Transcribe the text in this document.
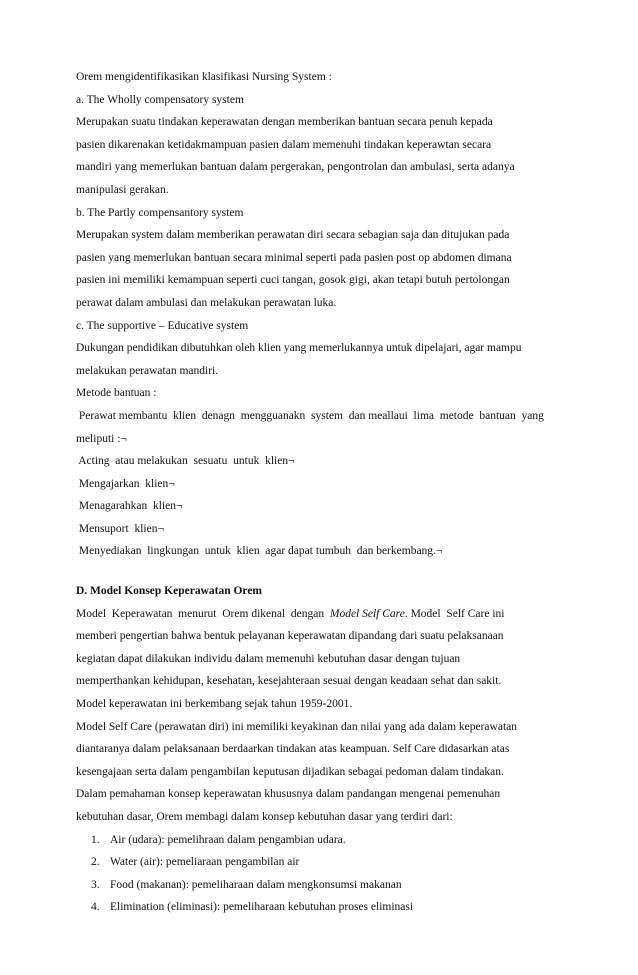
Orem mengidentifikasikan klasifikasi Nursing System :
a. The Wholly compensatory system
Merupakan suatu tindakan keperawatan dengan memberikan bantuan secara penuh kepada
pasien dikarenakan ketidakmampuan pasien dalam memenuhi tindakan keperawtan secara
mandiri yang memerlukan bantuan dalam pergerakan, pengontrolan dan ambulasi, serta adanya
manipulasi gerakan.
b. The Partly compensantory system
Merupakan system dalam memberikan perawatan diri secara sebagian saja dan ditujukan pada
pasien yang memerlukan bantuan secara minimal seperti pada pasien post op abdomen dimana
pasien ini memiliki kemampuan seperti cuci tangan, gosok gigi, akan tetapi butuh pertolongan
perawat dalam ambulasi dan melakukan perawatan luka.
c. The supportive – Educative system
Dukungan pendidikan dibutuhkan oleh klien yang memerlukannya untuk dipelajari, agar mampu
melakukan perawatan mandiri.
Metode bantuan :
Perawat membantu  klien  denagn  mengguanakn  system  dan meallaui  lima  metode  bantuan  yang
meliputi :¬
Acting  atau melakukan  sesuatu  untuk  klien¬
Mengajarkan  klien¬
Menagarahkan  klien¬
Mensuport  klien¬
Menyediakan  lingkungan  untuk  klien  agar dapat tumbuh  dan berkembang.¬
D. Model Konsep Keperawatan Orem
Model  Keperawatan  menurut  Orem dikenal  dengan  Model Self Care. Model  Self Care ini
memberi pengertian bahwa bentuk pelayanan keperawatan dipandang dari suatu pelaksanaan
kegiatan dapat dilakukan individu dalam memenuhi kebutuhan dasar dengan tujuan
memperthankan kehidupan, kesehatan, kesejahteraan sesuai dengan keadaan sehat dan sakit.
Model keperawatan ini berkembang sejak tahun 1959-2001.
Model Self Care (perawatan diri) ini memiliki keyakinan dan nilai yang ada dalam keperawatan
diantaranya dalam pelaksanaan berdaarkan tindakan atas keampuan. Self Care didasarkan atas
kesengajaan serta dalam pengambilan keputusan dijadikan sebagai pedoman dalam tindakan.
Dalam pemahaman konsep keperawatan khususnya dalam pandangan mengenai pemenuhan
kebutuhan dasar, Orem membagi dalam konsep kebutuhan dasar yang terdiri dari:
1. Air (udara): pemelihraan dalam pengambian udara.
2. Water (air): pemeliaraan pengambilan air
3. Food (makanan): pemeliharaan dalam mengkonsumsi makanan
4. Elimination (eliminasi): pemeliharaan kebutuhan proses eliminasi
